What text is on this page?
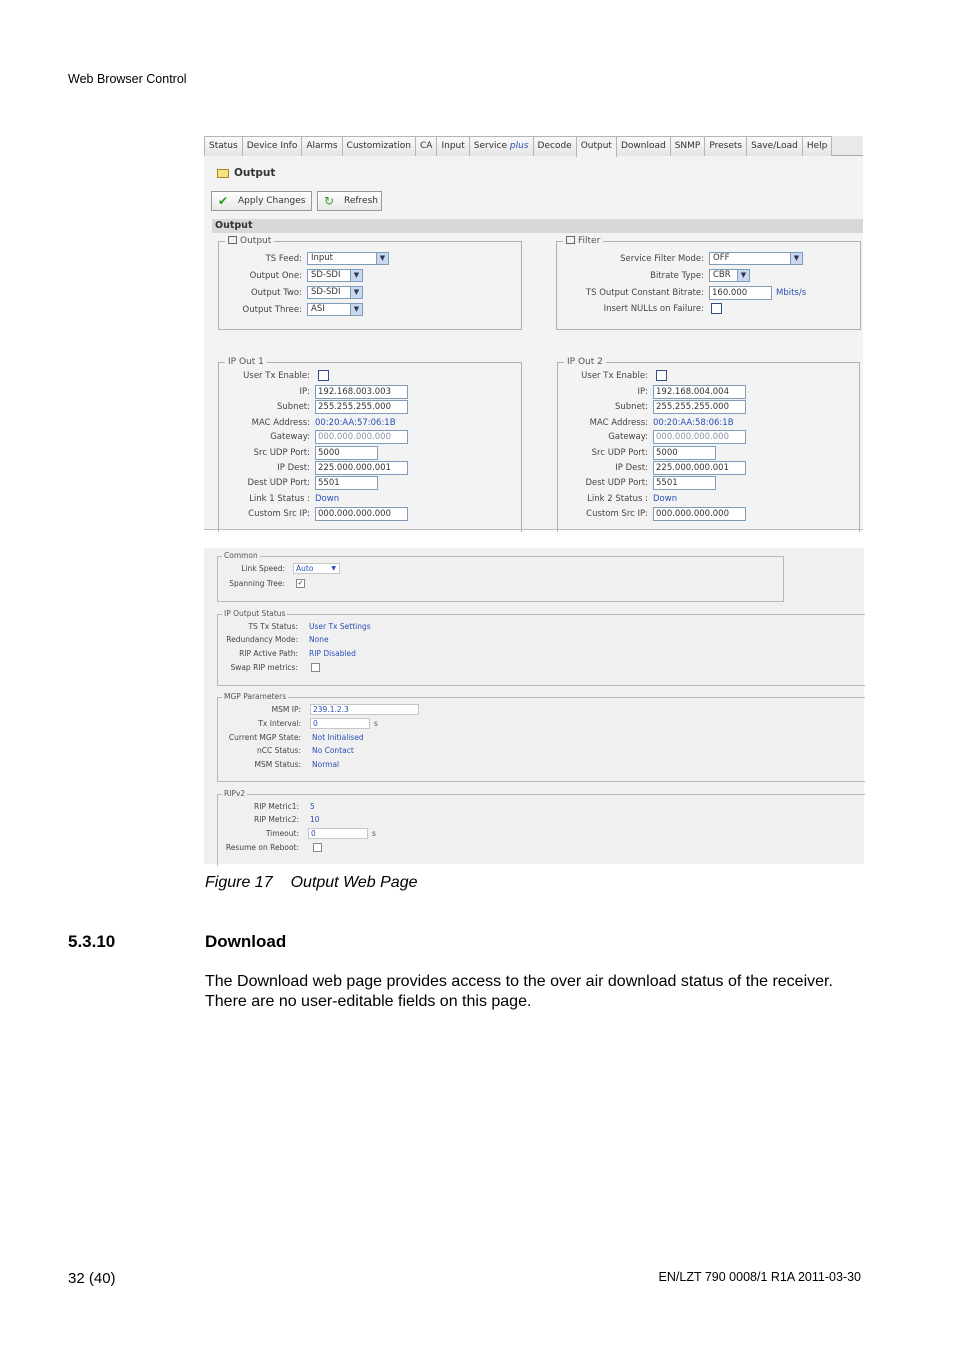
Web Browser Control
Status	Device Info	Alarms	Customization	CA	Input	Service plus	Decode	Output	Download	SNMP	Presets	Save/Load	Help
Output
✔ Apply Changes	↻ Refresh
Output
Output
TS Feed:	Input	▼
Output One:	SD-SDI	▼
Output Two:	SD-SDI	▼
Output Three:	ASI	▼
Filter
Service Filter Mode:	OFF	▼
Bitrate Type:	CBR	▼
TS Output Constant Bitrate: 160.000	Mbits/s
Insert NULLs on Failure:
IP Out 1
User Tx Enable:
IP: 192.168.003.003
Subnet: 255.255.255.000
MAC Address: 00:20:AA:57:06:1B
Gateway: 000.000.000.000
Src UDP Port: 5000
IP Dest: 225.000.000.001
Dest UDP Port: 5501
Link 1 Status : Down
Custom Src IP: 000.000.000.000
IP Out 2
User Tx Enable:
IP: 192.168.004.004
Subnet: 255.255.255.000
MAC Address: 00:20:AA:58:06:1B
Gateway: 000.000.000.000
Src UDP Port: 5000
IP Dest: 225.000.000.001
Dest UDP Port: 5501
Link 2 Status : Down
Custom Src IP: 000.000.000.000
Common
Link Speed:	Auto	▼
Spanning Tree: ✓
IP Output Status
TS Tx Status: User Tx Settings
Redundancy Mode: None
RIP Active Path: RIP Disabled
Swap RIP metrics:
MGP Parameters
MSM IP:	239.1.2.3
Tx Interval:	0	s
Current MGP State: Not Initialised
nCC Status: No Contact
MSM Status: Normal
RIPv2
RIP Metric1: 5
RIP Metric2: 10
Timeout:	0	s
Resume on Reboot:
Figure 17 Output Web Page
5.3.10	Download
The Download web page provides access to the over air download status of the receiver. There are no user-editable fields on this page.
32 (40)	EN/LZT 790 0008/1 R1A 2011-03-30
